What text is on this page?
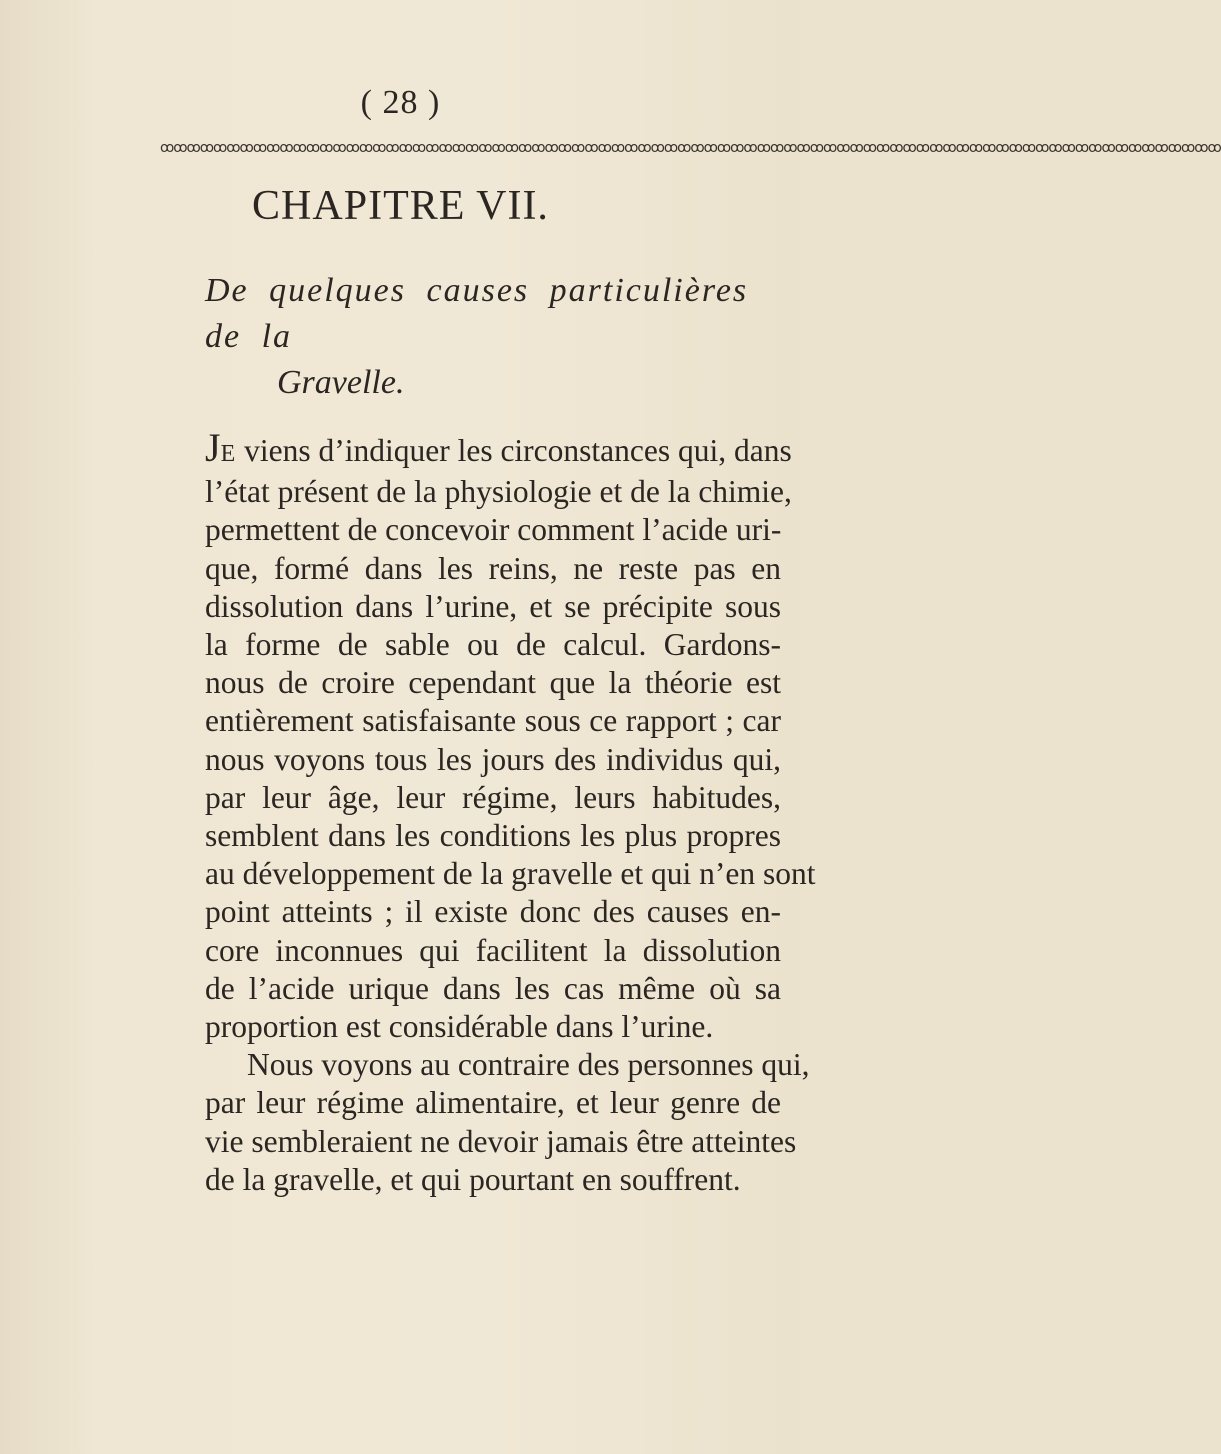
( 28 )
ꝏꝏꝏꝏꝏꝏꝏꝏꝏꝏꝏꝏꝏꝏꝏꝏꝏꝏꝏꝏꝏꝏꝏꝏꝏꝏꝏꝏꝏꝏꝏꝏꝏꝏꝏꝏꝏꝏꝏꝏꝏꝏꝏꝏꝏꝏꝏꝏꝏꝏꝏꝏꝏꝏꝏꝏꝏꝏꝏꝏꝏꝏꝏꝏꝏꝏꝏꝏꝏꝏꝏꝏꝏꝏꝏꝏꝏꝏꝏꝏ
CHAPITRE VII.
De quelques causes particulières de la
Gravelle.
JE viens d’indiquer les circonstances qui, dans
l’état présent de la physiologie et de la chimie,
permettent de concevoir comment l’acide uri-
que, formé dans les reins, ne reste pas en
dissolution dans l’urine, et se précipite sous
la forme de sable ou de calcul. Gardons-
nous de croire cependant que la théorie est
entièrement satisfaisante sous ce rapport ; car
nous voyons tous les jours des individus qui,
par leur âge, leur régime, leurs habitudes,
semblent dans les conditions les plus propres
au développement de la gravelle et qui n’en sont
point atteints ; il existe donc des causes en-
core inconnues qui facilitent la dissolution
de l’acide urique dans les cas même où sa
proportion est considérable dans l’urine.
Nous voyons au contraire des personnes qui,
par leur régime alimentaire, et leur genre de
vie sembleraient ne devoir jamais être atteintes
de la gravelle, et qui pourtant en souffrent.
